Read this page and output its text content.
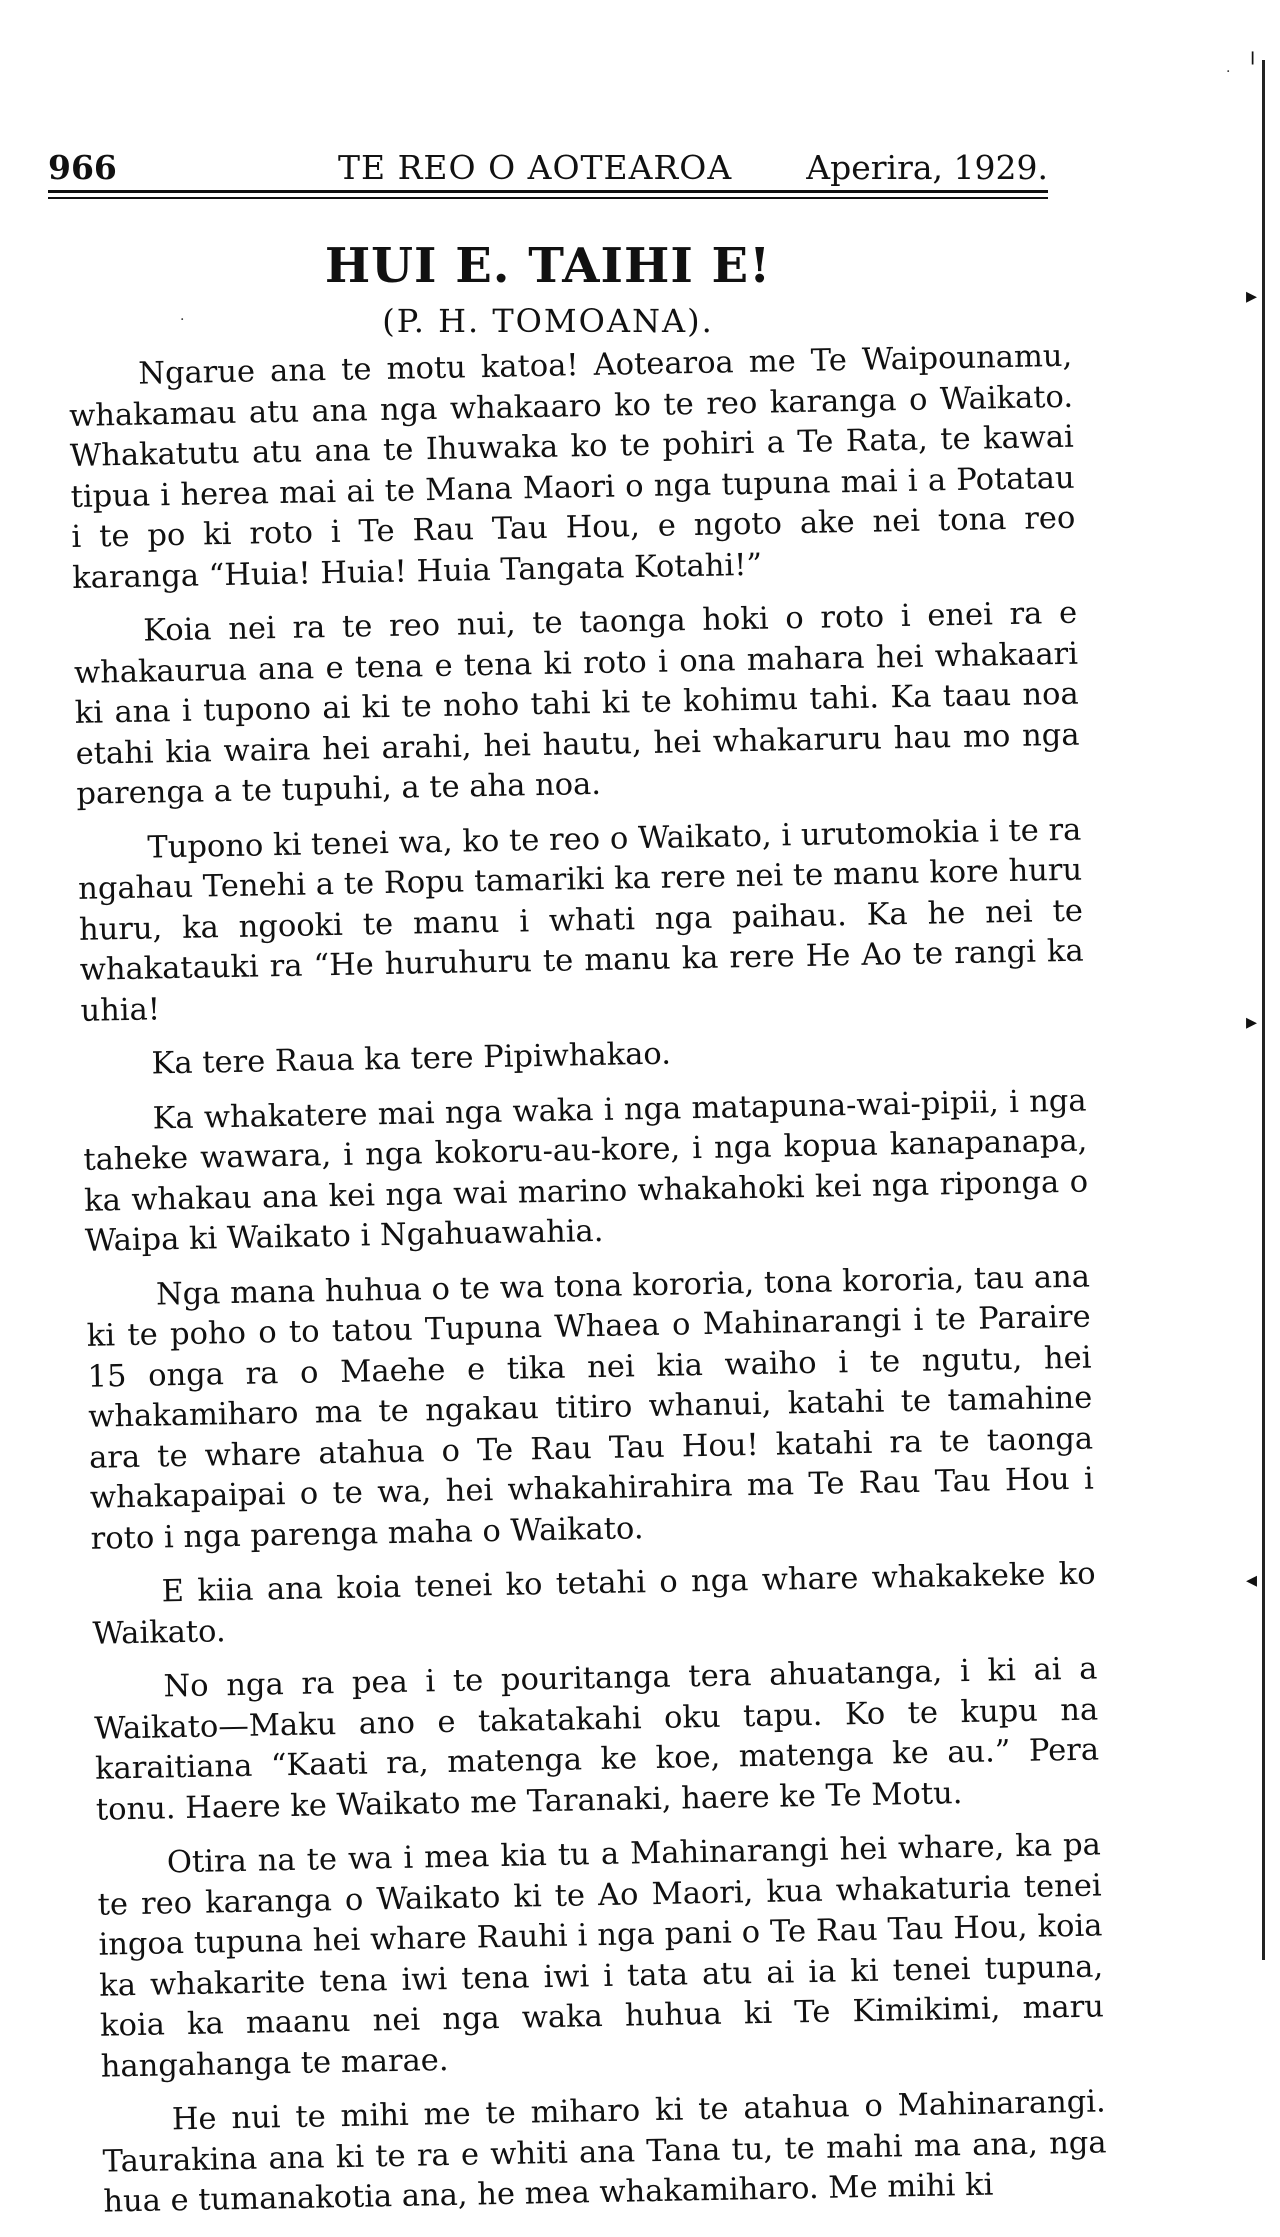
966	TE REO O AOTEAROA Aperira, 1929.
HUI E. TAIHI E!
(P. H. TOMOANA).

Ngarue ana te motu katoa! Aotearoa me Te Waipounamu, whakamau atu ana nga whakaaro ko te reo karanga o Waikato. Whakatutu atu ana te Ihuwaka ko te pohiri a Te Rata, te kawai tipua i herea mai ai te Mana Maori o nga tupuna mai i a Potatau i te po ki roto i Te Rau Tau Hou, e ngoto ake nei tona reo karanga “Huia! Huia! Huia Tangata Kotahi!”

Koia nei ra te reo nui, te taonga hoki o roto i enei ra e whakaurua ana e tena e tena ki roto i ona mahara hei whakaari ki ana i tupono ai ki te noho tahi ki te kohimu tahi. Ka taau noa etahi kia waira hei arahi, hei hautu, hei whakaruru hau mo nga parenga a te tupuhi, a te aha noa.

Tupono ki tenei wa, ko te reo o Waikato, i urutomokia i te ra ngahau Tenehi a te Ropu tamariki ka rere nei te manu kore huru huru, ka ngooki te manu i whati nga paihau. Ka he nei te whakatauki ra “He huruhuru te manu ka rere He Ao te rangi ka uhia!

Ka tere Raua ka tere Pipiwhakao.

Ka whakatere mai nga waka i nga matapuna-wai-pipii, i nga taheke wawara, i nga kokoru-au-kore, i nga kopua kanapanapa, ka whakau ana kei nga wai marino whakahoki kei nga riponga o Waipa ki Waikato i Ngahuawahia.

Nga mana huhua o te wa tona kororia, tona kororia, tau ana ki te poho o to tatou Tupuna Whaea o Mahinarangi i te Paraire 15 onga ra o Maehe e tika nei kia waiho i te ngutu, hei whakamiharo ma te ngakau titiro whanui, katahi te tamahine ara te whare atahua o Te Rau Tau Hou! katahi ra te taonga whakapaipai o te wa, hei whakahirahira ma Te Rau Tau Hou i roto i nga parenga maha o Waikato.

E kiia ana koia tenei ko tetahi o nga whare whakakeke ko Waikato.

No nga ra pea i te pouritanga tera ahuatanga, i ki ai a Waikato—Maku ano e takatakahi oku tapu. Ko te kupu na karaitiana “Kaati ra, matenga ke koe, matenga ke au.” Pera tonu. Haere ke Waikato me Taranaki, haere ke Te Motu.

Otira na te wa i mea kia tu a Mahinarangi hei whare, ka pa te reo karanga o Waikato ki te Ao Maori, kua whakaturia tenei ingoa tupuna hei whare Rauhi i nga pani o Te Rau Tau Hou, koia ka whakarite tena iwi tena iwi i tata atu ai ia ki tenei tupuna, koia ka maanu nei nga waka huhua ki Te Kimikimi, maru hangahanga te marae.

He nui te mihi me te miharo ki te atahua o Mahinarangi. Taurakina ana ki te ra e whiti ana Tana tu, te mahi ma ana, nga hua e tumanakotia ana, he mea whakamiharo. Me mihi ki

╷
▸
▸
◂
·
·
